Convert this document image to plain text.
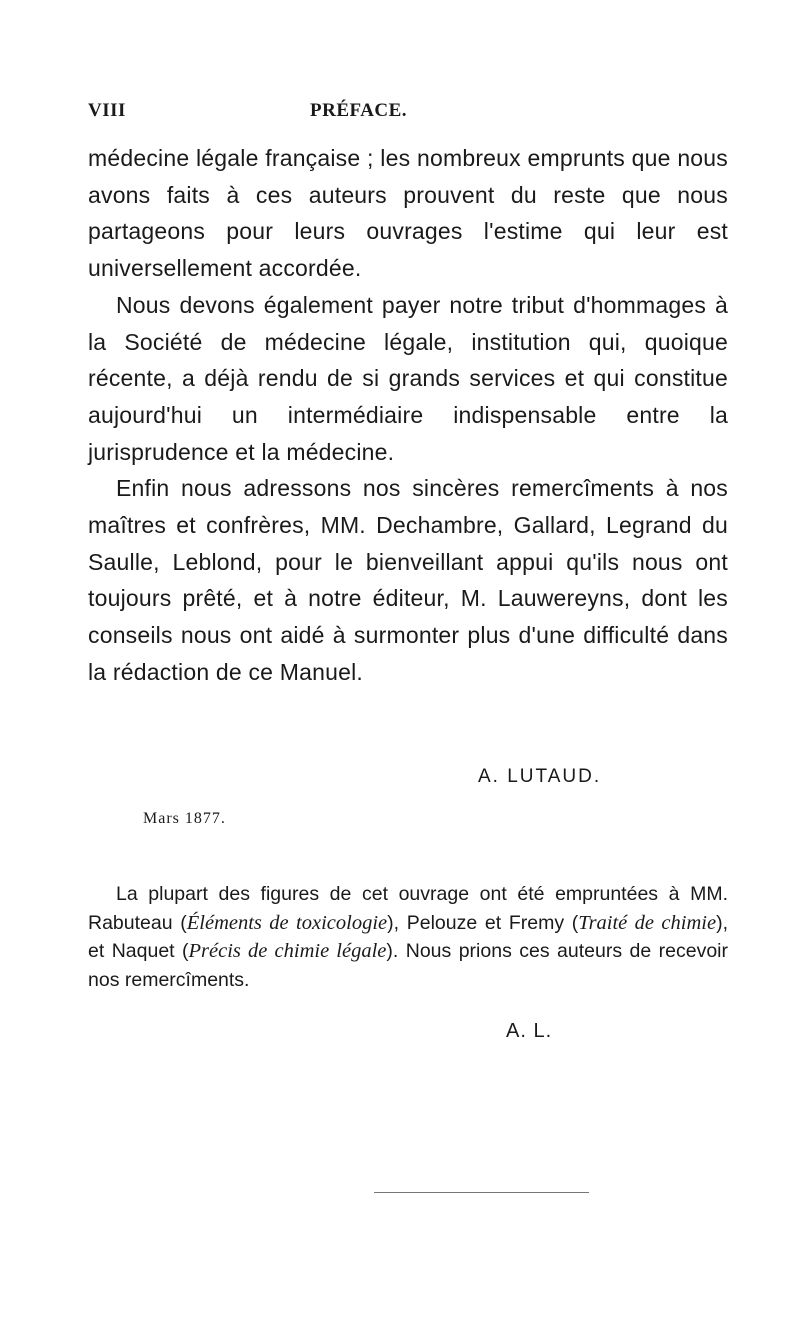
VIII	PRÉFACE.

médecine légale française ; les nombreux emprunts que nous avons faits à ces auteurs prouvent du reste que nous partageons pour leurs ouvrages l'estime qui leur est universellement accordée.

Nous devons également payer notre tribut d'hommages à la Société de médecine légale, institution qui, quoique récente, a déjà rendu de si grands services et qui constitue aujourd'hui un intermédiaire indispensable entre la jurisprudence et la médecine.

Enfin nous adressons nos sincères remercîments à nos maîtres et confrères, MM. Dechambre, Gallard, Legrand du Saulle, Leblond, pour le bienveillant appui qu'ils nous ont toujours prêté, et à notre éditeur, M. Lauwereyns, dont les conseils nous ont aidé à surmonter plus d'une difficulté dans la rédaction de ce Manuel.

A. LUTAUD.
Mars 1877.

La plupart des figures de cet ouvrage ont été empruntées à MM. Rabuteau (Éléments de toxicologie), Pelouze et Fremy (Traité de chimie), et Naquet (Précis de chimie légale). Nous prions ces auteurs de recevoir nos remercîments.

A. L.
